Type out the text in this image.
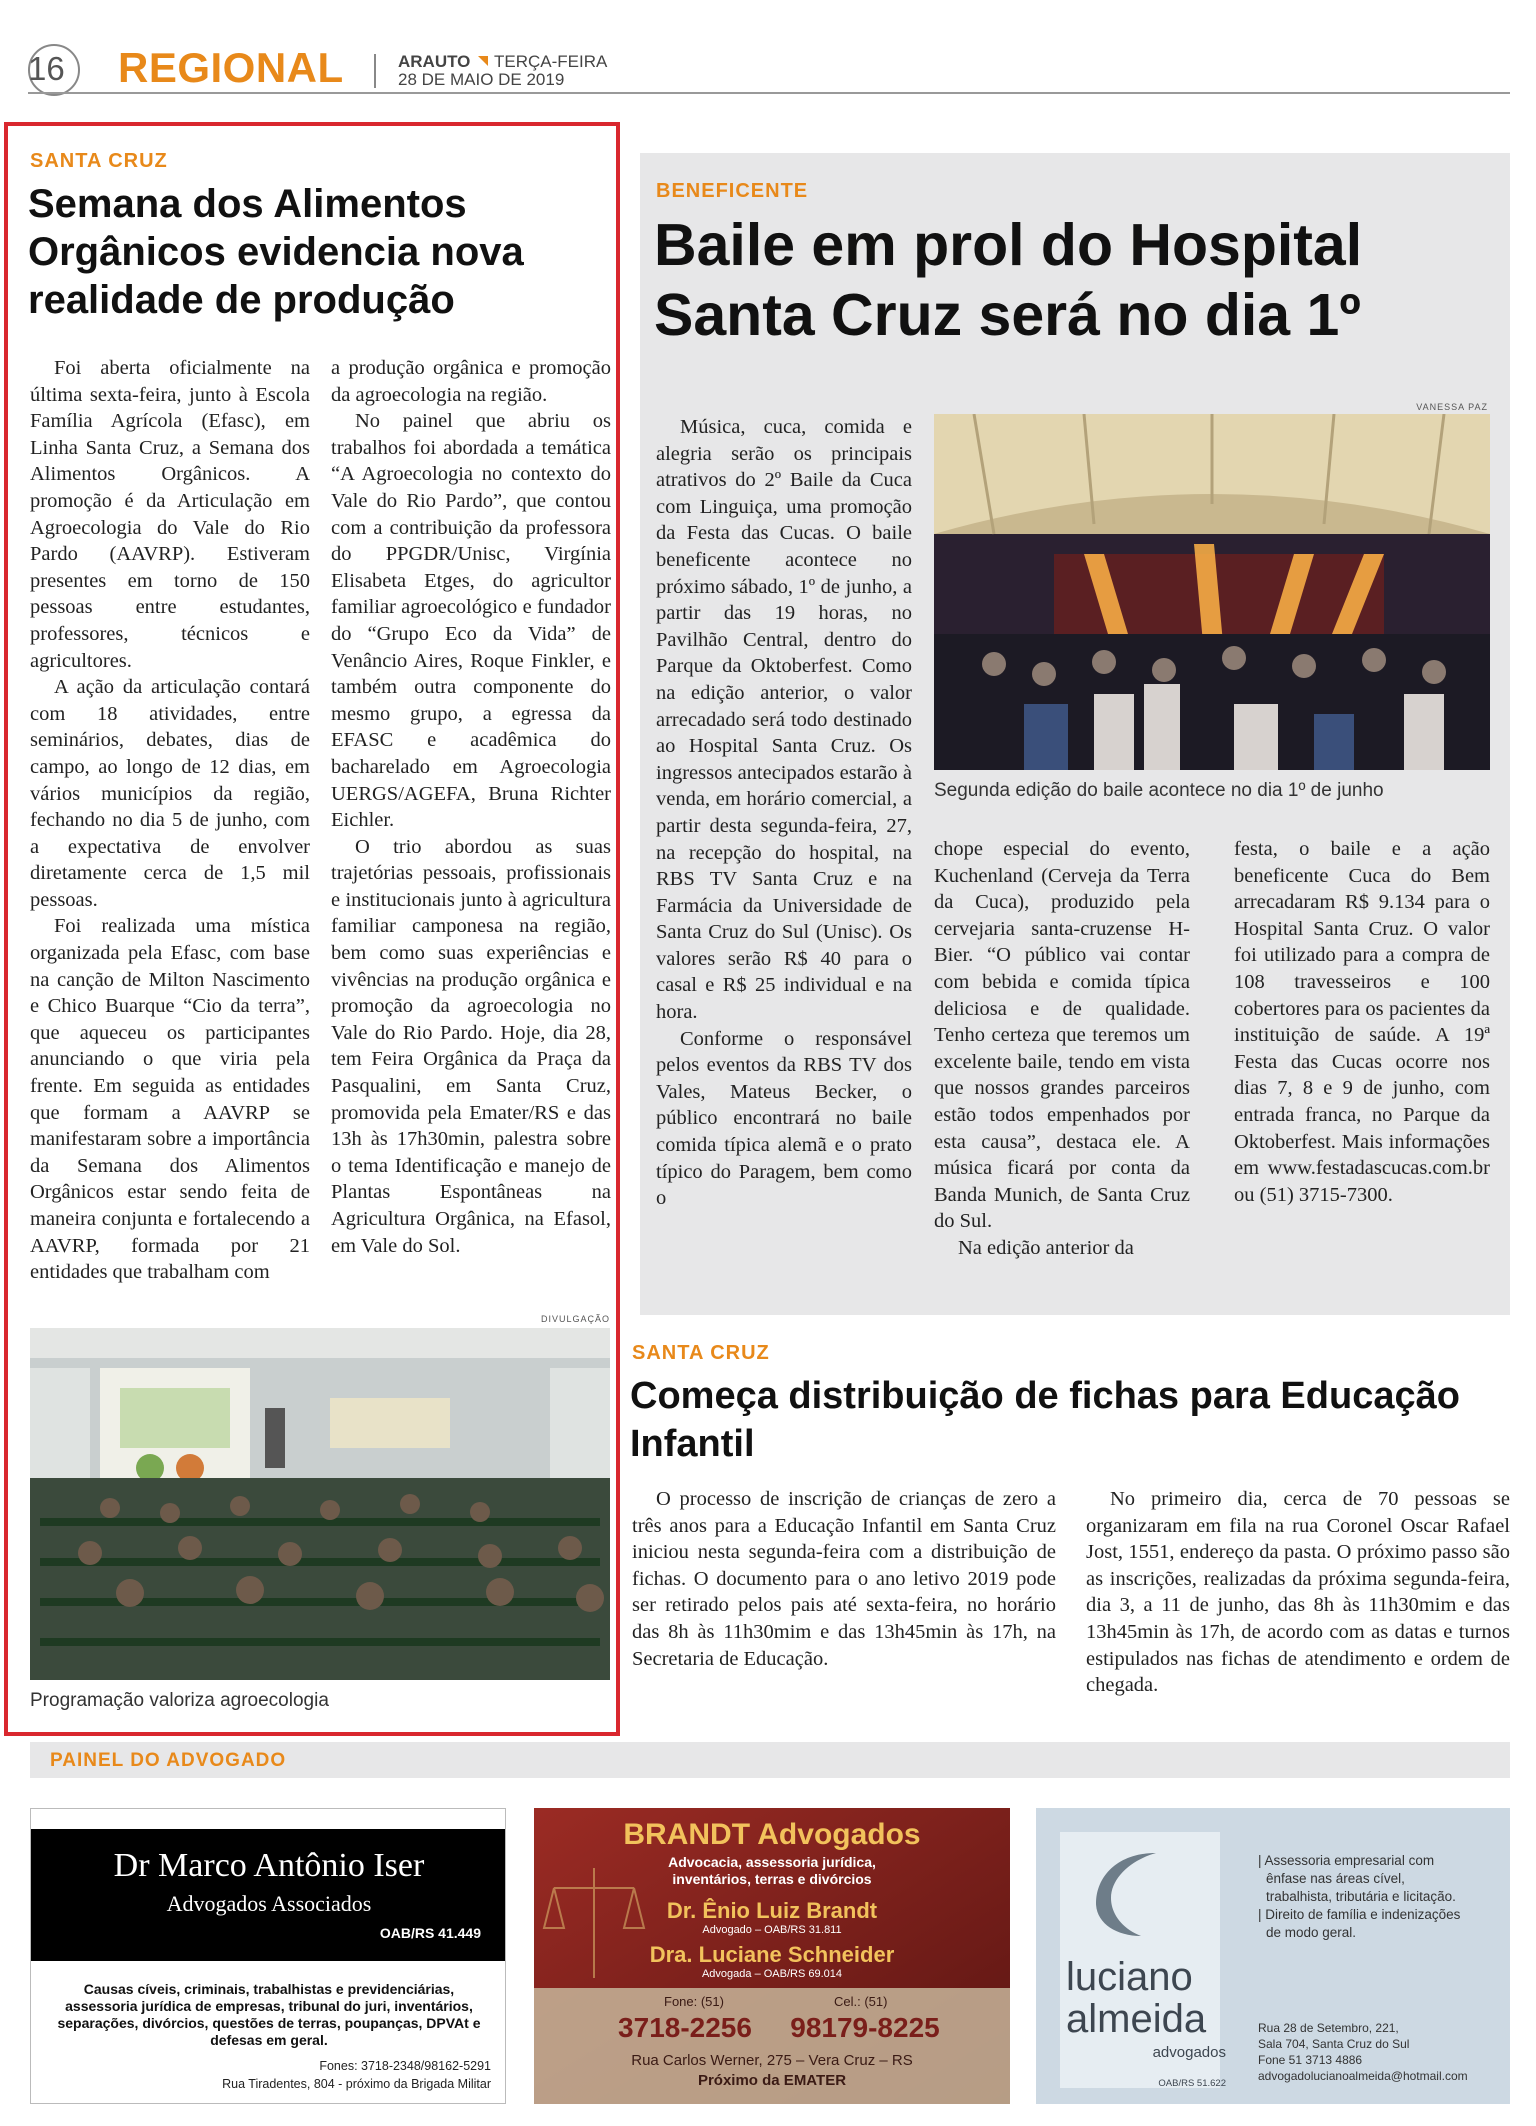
16	REGIONAL	ARAUTO TERÇA-FEIRA
28 DE MAIO DE 2019
SANTA CRUZ
Semana dos Alimentos Orgânicos evidencia nova realidade de produção

Foi aberta oficialmente na última sexta-feira, junto à Escola Família Agrícola (Efasc), em Linha Santa Cruz, a Semana dos Alimentos Orgânicos. A promoção é da Articulação em Agroecologia do Vale do Rio Pardo (AAVRP). Estiveram presentes em torno de 150 pessoas entre estudantes, professores, técnicos e agricultores.

A ação da articulação contará com 18 atividades, entre seminários, debates, dias de campo, ao longo de 12 dias, em vários municípios da região, fechando no dia 5 de junho, com a expectativa de envolver diretamente cerca de 1,5 mil pessoas.

Foi realizada uma mística organizada pela Efasc, com base na canção de Milton Nascimento e Chico Buarque “Cio da terra”, que aqueceu os participantes anunciando o que viria pela frente. Em seguida as entidades que formam a AAVRP se manifestaram sobre a importância da Semana dos Alimentos Orgânicos estar sendo feita de maneira conjunta e fortalecendo a AAVRP, formada por 21 entidades que trabalham com

a produção orgânica e promoção da agroecologia na região.

No painel que abriu os trabalhos foi abordada a temática “A Agroecologia no contexto do Vale do Rio Pardo”, que contou com a contribuição da professora do PPGDR/Unisc, Virgínia Elisabeta Etges, do agricultor familiar agroecológico e fundador do “Grupo Eco da Vida” de Venâncio Aires, Roque Finkler, e também outra componente do mesmo grupo, a egressa da EFASC e acadêmica do bacharelado em Agroecologia UERGS/AGEFA, Bruna Richter Eichler.

O trio abordou as suas trajetórias pessoais, profissionais e institucionais junto à agricultura familiar camponesa na região, bem como suas experiências e vivências na produção orgânica e promoção da agroecologia no Vale do Rio Pardo. Hoje, dia 28, tem Feira Orgânica da Praça da Pasqualini, em Santa Cruz, promovida pela Emater/RS e das 13h às 17h30min, palestra sobre o tema Identificação e manejo de Plantas Espontâneas na Agricultura Orgânica, na Efasol, em Vale do Sol.

DIVULGAÇÃO
Programação valoriza agroecologia
BENEFICENTE
Baile em prol do Hospital Santa Cruz será no dia 1º
VANESSA PAZ
Segunda edição do baile acontece no dia 1º de junho

Música, cuca, comida e alegria serão os principais atrativos do 2º Baile da Cuca com Linguiça, uma promoção da Festa das Cucas. O baile beneficente acontece no próximo sábado, 1º de junho, a partir das 19 horas, no Pavilhão Central, dentro do Parque da Oktoberfest. Como na edição anterior, o valor arrecadado será todo destinado ao Hospital Santa Cruz. Os ingressos antecipados estarão à venda, em horário comercial, a partir desta segunda-feira, 27, na recepção do hospital, na RBS TV Santa Cruz e na Farmácia da Universidade de Santa Cruz do Sul (Unisc). Os valores serão R$ 40 para o casal e R$ 25 individual e na hora.

Conforme o responsável pelos eventos da RBS TV dos Vales, Mateus Becker, o público encontrará no baile comida típica alemã e o prato típico do Paragem, bem como o

chope especial do evento, Kuchenland (Cerveja da Terra da Cuca), produzido pela cervejaria santa-cruzense H-Bier. “O público vai contar com bebida e comida típica deliciosa e de qualidade. Tenho certeza que teremos um excelente baile, tendo em vista que nossos grandes parceiros estão todos empenhados por esta causa”, destaca ele. A música ficará por conta da Banda Munich, de Santa Cruz do Sul.

Na edição anterior da

festa, o baile e a ação beneficente Cuca do Bem arrecadaram R$ 9.134 para o Hospital Santa Cruz. O valor foi utilizado para a compra de 108 travesseiros e 100 cobertores para os pacientes da instituição de saúde. A 19ª Festa das Cucas ocorre nos dias 7, 8 e 9 de junho, com entrada franca, no Parque da Oktoberfest. Mais informações em www.festadascucas.com.br ou (51) 3715-7300.

SANTA CRUZ
Começa distribuição de fichas para Educação Infantil

O processo de inscrição de crianças de zero a três anos para a Educação Infantil em Santa Cruz iniciou nesta segunda-feira com a distribuição de fichas. O documento para o ano letivo 2019 pode ser retirado pelos pais até sexta-feira, no horário das 8h às 11h30mim e das 13h45min às 17h, na Secretaria de Educação.

No primeiro dia, cerca de 70 pessoas se organizaram em fila na rua Coronel Oscar Rafael Jost, 1551, endereço da pasta. O próximo passo são as inscrições, realizadas da próxima segunda-feira, dia 3, a 11 de junho, das 8h às 11h30mim e das 13h45min às 17h, de acordo com as datas e turnos estipulados nas fichas de atendimento e ordem de chegada.

PAINEL DO ADVOGADO
Dr Marco Antônio Iser
Advogados Associados
OAB/RS 41.449
Causas cíveis, criminais, trabalhistas e previdenciárias, assessoria jurídica de empresas, tribunal do juri, inventários, separações, divórcios, questões de terras, poupanças, DPVAt e defesas em geral.
Fones: 3718-2348/98162-5291
Rua Tiradentes, 804 - próximo da Brigada Militar
BRANDT Advogados
Advocacia, assessoria jurídica, inventários, terras e divórcios
Dr. Ênio Luiz Brandt
Advogado – OAB/RS 31.811
Dra. Luciane Schneider
Advogada – OAB/RS 69.014
Fone: (51)	Cel.: (51)
3718-2256	98179-8225
Rua Carlos Werner, 275 – Vera Cruz – RS
Próximo da EMATER
luciano
almeida
advogados
OAB/RS 51.622
| Assessoria empresarial com
ênfase nas áreas cível,
trabalhista, tributária e licitação.
| Direito de família e indenizações
de modo geral.
Rua 28 de Setembro, 221,
Sala 704, Santa Cruz do Sul
Fone 51 3713 4886
advogadolucianoalmeida@hotmail.com
